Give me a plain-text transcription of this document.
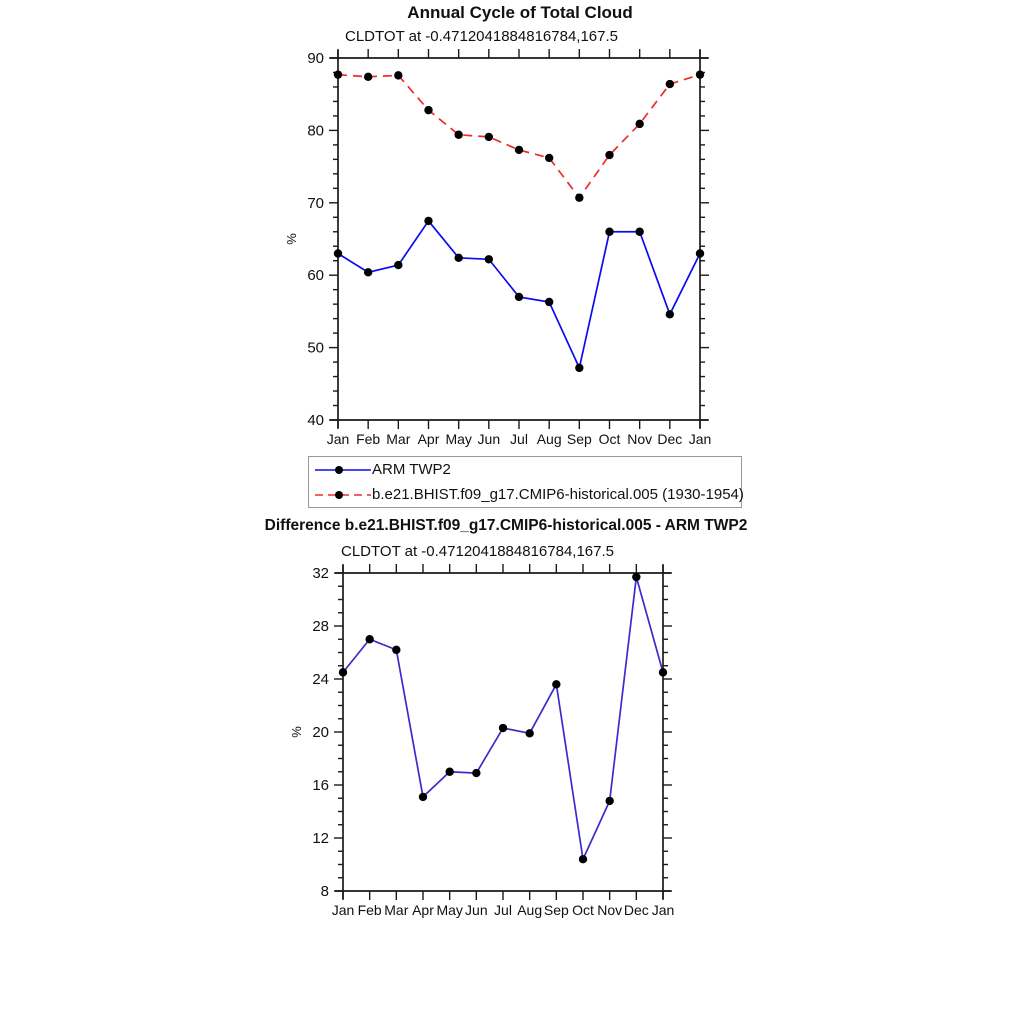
Annual Cycle of Total Cloud
CLDTOT at -0.4712041884816784,167.5
40
50
60
70
80
90
Jan Feb Mar Apr May Jun Jul Aug Sep Oct Nov Dec Jan
%
ARM TWP2
b.e21.BHIST.f09_g17.CMIP6-historical.005 (1930-1954)
Difference b.e21.BHIST.f09_g17.CMIP6-historical.005 - ARM TWP2
CLDTOT at -0.4712041884816784,167.5
8
12
16
20
24
28
32
Jan Feb Mar Apr May Jun Jul Aug Sep Oct Nov Dec Jan
%
